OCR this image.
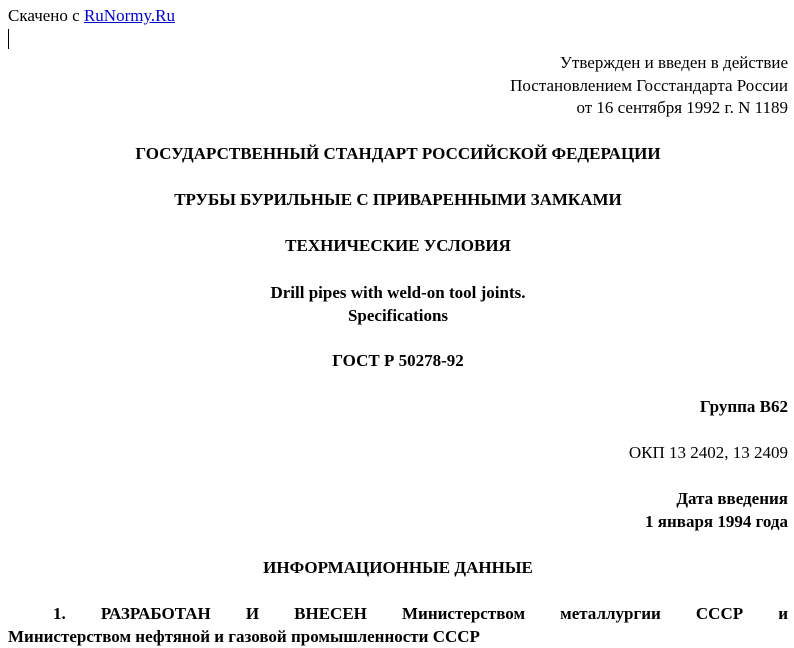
Скачено с RuNormy.Ru
Утвержден и введен в действие
Постановлением Госстандарта России
от 16 сентября 1992 г. N 1189
ГОСУДАРСТВЕННЫЙ СТАНДАРТ РОССИЙСКОЙ ФЕДЕРАЦИИ
ТРУБЫ БУРИЛЬНЫЕ С ПРИВАРЕННЫМИ ЗАМКАМИ
ТЕХНИЧЕСКИЕ УСЛОВИЯ
Drill pipes with weld-on tool joints.
Specifications
ГОСТ Р 50278-92
Группа В62
ОКП 13 2402, 13 2409
Дата введения
1 января 1994 года
ИНФОРМАЦИОННЫЕ ДАННЫЕ
1. РАЗРАБОТАН И ВНЕСЕН Министерством металлургии СССР и
Министерством нефтяной и газовой промышленности СССР
